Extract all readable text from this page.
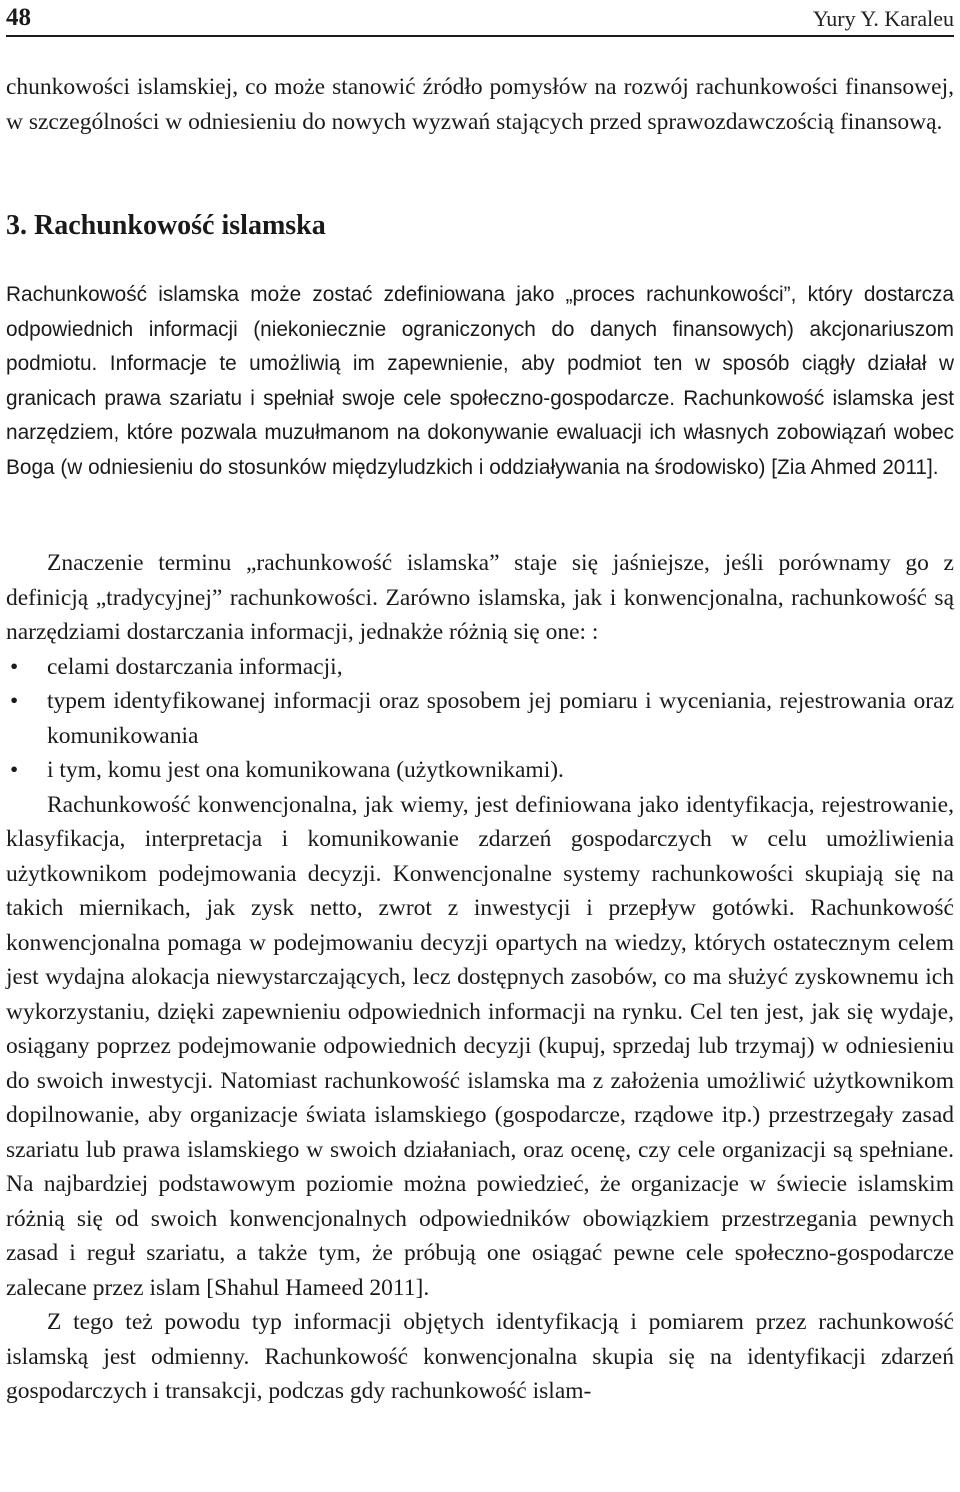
48	Yury Y. Karaleu

chunkowości islamskiej, co może stanowić źródło pomysłów na rozwój rachunkowości finansowej, w szczególności w odniesieniu do nowych wyzwań stających przed sprawozdawczością finansową.

3. Rachunkowość islamska

Rachunkowość islamska może zostać zdefiniowana jako „proces rachunkowości”, który dostarcza odpowiednich informacji (niekoniecznie ograniczonych do danych finansowych) akcjonariuszom podmiotu. Informacje te umożliwią im zapewnienie, aby podmiot ten w sposób ciągły działał w granicach prawa szariatu i spełniał swoje cele społeczno-gospodarcze. Rachunkowość islamska jest narzędziem, które pozwala muzułmanom na dokonywanie ewaluacji ich własnych zobowiązań wobec Boga (w odniesieniu do stosunków międzyludzkich i oddziaływania na środowisko) [Zia Ahmed 2011].

Znaczenie terminu „rachunkowość islamska” staje się jaśniejsze, jeśli porównamy go z definicją „tradycyjnej” rachunkowości. Zarówno islamska, jak i konwencjonalna, rachunkowość są narzędziami dostarczania informacji, jednakże różnią się one: :

• celami dostarczania informacji,
• typem identyfikowanej informacji oraz sposobem jej pomiaru i wyceniania, rejestrowania oraz komunikowania
• i tym, komu jest ona komunikowana (użytkownikami).

Rachunkowość konwencjonalna, jak wiemy, jest definiowana jako identyfikacja, rejestrowanie, klasyfikacja, interpretacja i komunikowanie zdarzeń gospodarczych w celu umożliwienia użytkownikom podejmowania decyzji. Konwencjonalne systemy rachunkowości skupiają się na takich miernikach, jak zysk netto, zwrot z inwestycji i przepływ gotówki. Rachunkowość konwencjonalna pomaga w podejmowaniu decyzji opartych na wiedzy, których ostatecznym celem jest wydajna alokacja niewystarczających, lecz dostępnych zasobów, co ma służyć zyskownemu ich wykorzystaniu, dzięki zapewnieniu odpowiednich informacji na rynku. Cel ten jest, jak się wydaje, osiągany poprzez podejmowanie odpowiednich decyzji (kupuj, sprzedaj lub trzymaj) w odniesieniu do swoich inwestycji. Natomiast rachunkowość islamska ma z założenia umożliwić użytkownikom dopilnowanie, aby organizacje świata islamskiego (gospodarcze, rządowe itp.) przestrzegały zasad szariatu lub prawa islamskiego w swoich działaniach, oraz ocenę, czy cele organizacji są spełniane. Na najbardziej podstawowym poziomie można powiedzieć, że organizacje w świecie islamskim różnią się od swoich konwencjonalnych odpowiedników obowiązkiem przestrzegania pewnych zasad i reguł szariatu, a także tym, że próbują one osiągać pewne cele społeczno-gospodarcze zalecane przez islam [Shahul Hameed 2011].

Z tego też powodu typ informacji objętych identyfikacją i pomiarem przez rachunkowość islamską jest odmienny. Rachunkowość konwencjonalna skupia się na identyfikacji zdarzeń gospodarczych i transakcji, podczas gdy rachunkowość islam-
